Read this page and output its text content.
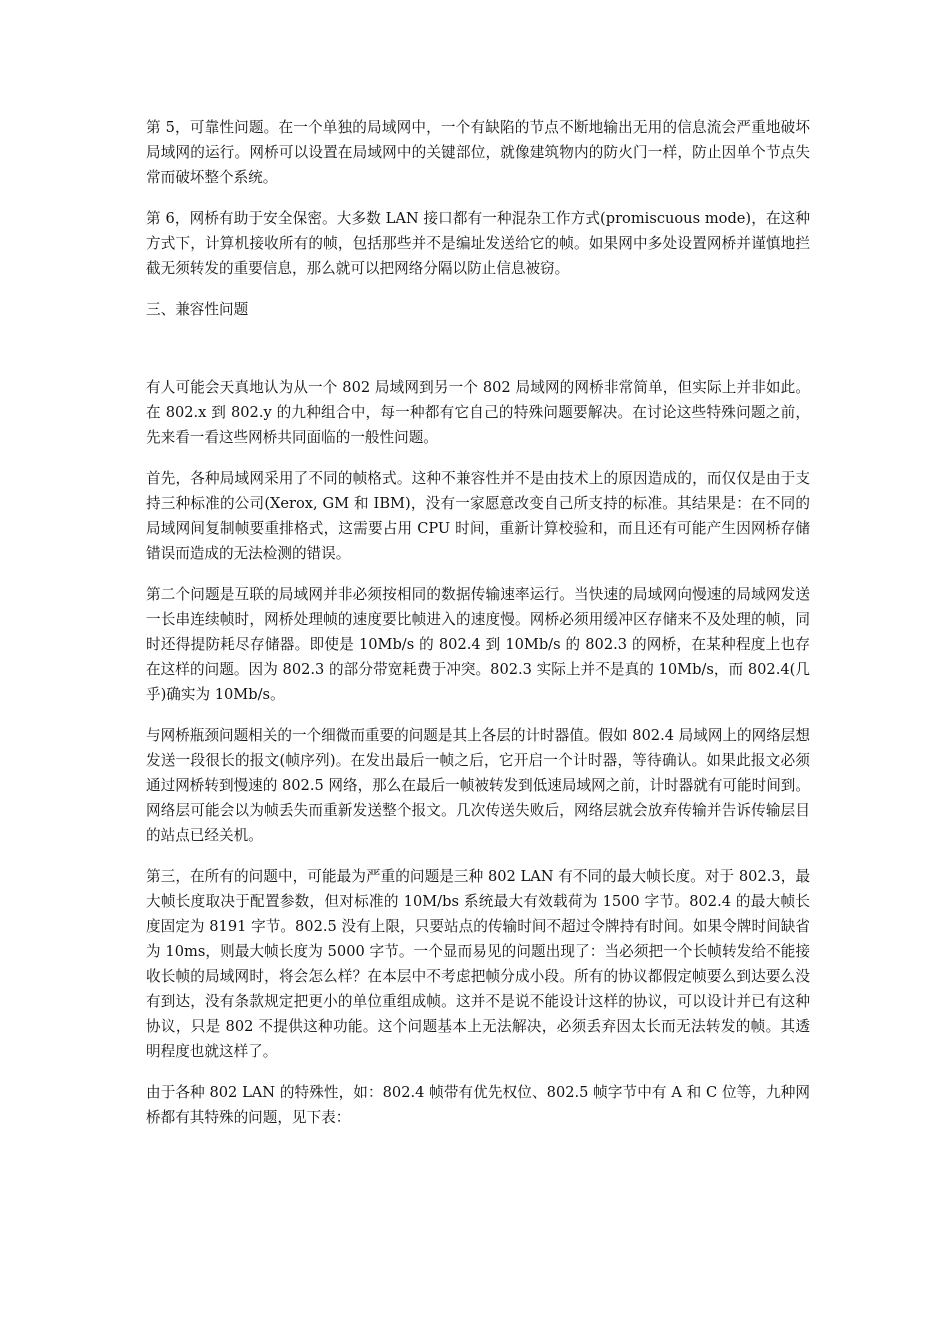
第 5，可靠性问题。在一个单独的局域网中，一个有缺陷的节点不断地输出无用的信息流会严重地破坏局域网的运行。网桥可以设置在局域网中的关键部位，就像建筑物内的防火门一样，防止因单个节点失常而破坏整个系统。

第 6，网桥有助于安全保密。大多数 LAN 接口都有一种混杂工作方式(promiscuous mode)，在这种方式下，计算机接收所有的帧，包括那些并不是编址发送给它的帧。如果网中多处设置网桥并谨慎地拦截无须转发的重要信息，那么就可以把网络分隔以防止信息被窃。

三、兼容性问题

有人可能会天真地认为从一个 802 局域网到另一个 802 局域网的网桥非常简单，但实际上并非如此。在 802.x 到 802.y 的九种组合中，每一种都有它自己的特殊问题要解决。在讨论这些特殊问题之前，先来看一看这些网桥共同面临的一般性问题。

首先，各种局域网采用了不同的帧格式。这种不兼容性并不是由技术上的原因造成的，而仅仅是由于支持三种标准的公司(Xerox, GM 和 IBM)，没有一家愿意改变自己所支持的标准。其结果是：在不同的局域网间复制帧要重排格式，这需要占用 CPU 时间，重新计算校验和，而且还有可能产生因网桥存储错误而造成的无法检测的错误。

第二个问题是互联的局域网并非必须按相同的数据传输速率运行。当快速的局域网向慢速的局域网发送一长串连续帧时，网桥处理帧的速度要比帧进入的速度慢。网桥必须用缓冲区存储来不及处理的帧，同时还得提防耗尽存储器。即使是 10Mb/s 的 802.4 到 10Mb/s 的 802.3 的网桥，在某种程度上也存在这样的问题。因为 802.3 的部分带宽耗费于冲突。802.3 实际上并不是真的 10Mb/s，而 802.4(几乎)确实为 10Mb/s。

与网桥瓶颈问题相关的一个细微而重要的问题是其上各层的计时器值。假如 802.4 局域网上的网络层想发送一段很长的报文(帧序列)。在发出最后一帧之后，它开启一个计时器，等待确认。如果此报文必须通过网桥转到慢速的 802.5 网络，那么在最后一帧被转发到低速局域网之前，计时器就有可能时间到。网络层可能会以为帧丢失而重新发送整个报文。几次传送失败后，网络层就会放弃传输并告诉传输层目的站点已经关机。

第三，在所有的问题中，可能最为严重的问题是三种 802 LAN 有不同的最大帧长度。对于 802.3，最大帧长度取决于配置参数，但对标准的 10M/bs 系统最大有效载荷为 1500 字节。802.4 的最大帧长度固定为 8191 字节。802.5 没有上限，只要站点的传输时间不超过令牌持有时间。如果令牌时间缺省为 10ms，则最大帧长度为 5000 字节。一个显而易见的问题出现了：当必须把一个长帧转发给不能接收长帧的局域网时，将会怎么样？在本层中不考虑把帧分成小段。所有的协议都假定帧要么到达要么没有到达，没有条款规定把更小的单位重组成帧。这并不是说不能设计这样的协议，可以设计并已有这种协议，只是 802 不提供这种功能。这个问题基本上无法解决，必须丢弃因太长而无法转发的帧。其透明程度也就这样了。

由于各种 802 LAN 的特殊性，如：802.4 帧带有优先权位、802.5 帧字节中有 A 和 C 位等，九种网桥都有其特殊的问题，见下表：
